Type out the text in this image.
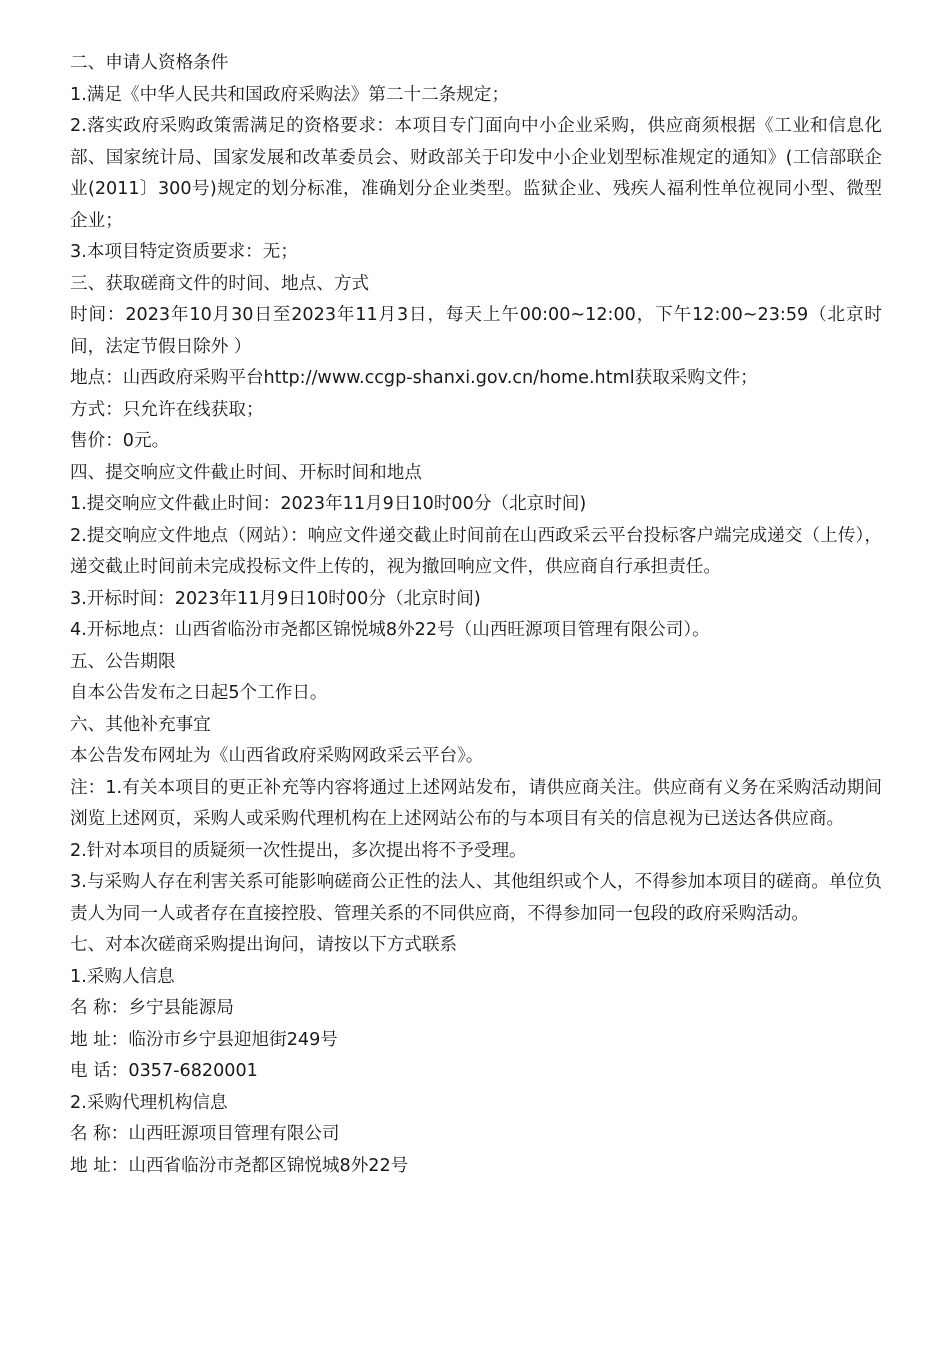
二、申请人资格条件
1.满足《中华人民共和国政府采购法》第二十二条规定；
2.落实政府采购政策需满足的资格要求：本项目专门面向中小企业采购，供应商须根据《工业和信息化部、国家统计局、国家发展和改革委员会、财政部关于印发中小企业划型标准规定的通知》(工信部联企业(2011〕300号)规定的划分标准，准确划分企业类型。监狱企业、残疾人福利性单位视同小型、微型企业；
3.本项目特定资质要求：无；
三、获取磋商文件的时间、地点、方式
时间：2023年10月30日至2023年11月3日，每天上午00:00~12:00，下午12:00~23:59（北京时间，法定节假日除外 ）
地点：山西政府采购平台http://www.ccgp-shanxi.gov.cn/home.html获取采购文件；
方式：只允许在线获取；
售价：0元。
四、提交响应文件截止时间、开标时间和地点
1.提交响应文件截止时间：2023年11月9日10时00分（北京时间)
2.提交响应文件地点（网站）：响应文件递交截止时间前在山西政采云平台投标客户端完成递交（上传），递交截止时间前未完成投标文件上传的，视为撤回响应文件，供应商自行承担责任。
3.开标时间：2023年11月9日10时00分（北京时间)
4.开标地点：山西省临汾市尧都区锦悦城8外22号（山西旺源项目管理有限公司）。
五、公告期限
自本公告发布之日起5个工作日。
六、其他补充事宜
本公告发布网址为《山西省政府采购网政采云平台》。
注：1.有关本项目的更正补充等内容将通过上述网站发布，请供应商关注。供应商有义务在采购活动期间浏览上述网页，采购人或采购代理机构在上述网站公布的与本项目有关的信息视为已送达各供应商。
2.针对本项目的质疑须一次性提出，多次提出将不予受理。
3.与采购人存在利害关系可能影响磋商公正性的法人、其他组织或个人，不得参加本项目的磋商。单位负责人为同一人或者存在直接控股、管理关系的不同供应商，不得参加同一包段的政府采购活动。
七、对本次磋商采购提出询问，请按以下方式联系
1.采购人信息
名 称：乡宁县能源局
地 址：临汾市乡宁县迎旭街249号
电 话：0357-6820001
2.采购代理机构信息
名 称：山西旺源项目管理有限公司
地 址：山西省临汾市尧都区锦悦城8外22号
